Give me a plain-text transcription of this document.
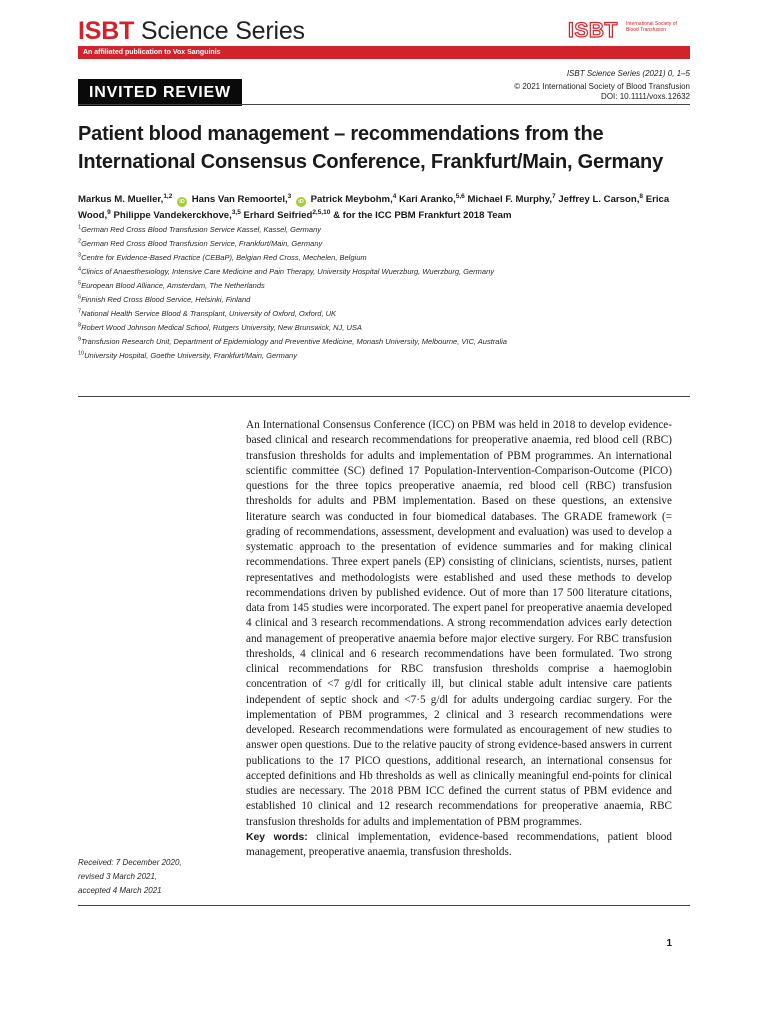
ISBT Science Series	ISBT International Society of Blood Transfusion
An affiliated publication to Vox Sanguinis
INVITED REVIEW
ISBT Science Series (2021) 0, 1–5
© 2021 International Society of Blood Transfusion
DOI: 10.1111/voxs.12632
Patient blood management – recommendations from the International Consensus Conference, Frankfurt/Main, Germany
Markus M. Mueller,$^{1,2}$ iD Hans Van Remoortel,$^3$ iD Patrick Meybohm,$^4$ Kari Aranko,$^{5,6}$ Michael F. Murphy,$^7$ Jeffrey L. Carson,$^8$ Erica Wood,$^9$ Philippe Vandekerckhove,$^{3,5}$ Erhard Seifried$^{2,5,10}$ & for the ICC PBM Frankfurt 2018 Team
$^1$German Red Cross Blood Transfusion Service Kassel, Kassel, Germany
$^2$German Red Cross Blood Transfusion Service, Frankfurt/Main, Germany
$^3$Centre for Evidence-Based Practice (CEBaP), Belgian Red Cross, Mechelen, Belgium
$^4$Clinics of Anaesthesiology, Intensive Care Medicine and Pain Therapy, University Hospital Wuerzburg, Wuerzburg, Germany
$^5$European Blood Alliance, Amsterdam, The Netherlands
$^6$Finnish Red Cross Blood Service, Helsinki, Finland
$^7$National Health Service Blood & Transplant, University of Oxford, Oxford, UK
$^8$Robert Wood Johnson Medical School, Rutgers University, New Brunswick, NJ, USA
$^9$Transfusion Research Unit, Department of Epidemiology and Preventive Medicine, Monash University, Melbourne, VIC, Australia
$^{10}$University Hospital, Goethe University, Frankfurt/Main, Germany

An International Consensus Conference (ICC) on PBM was held in 2018 to develop evidence-based clinical and research recommendations for preoperative anaemia, red blood cell (RBC) transfusion thresholds for adults and implementation of PBM programmes. An international scientific committee (SC) defined 17 Population-Intervention-Comparison-Outcome (PICO) questions for the three topics preoperative anaemia, red blood cell (RBC) transfusion thresholds for adults and PBM implementation. Based on these questions, an extensive literature search was conducted in four biomedical databases. The GRADE framework (= grading of recommendations, assessment, development and evaluation) was used to develop a systematic approach to the presentation of evidence summaries and for making clinical recommendations. Three expert panels (EP) consisting of clinicians, scientists, nurses, patient representatives and methodologists were established and used these methods to develop recommendations driven by published evidence. Out of more than 17 500 literature citations, data from 145 studies were incorporated. The expert panel for preoperative anaemia developed 4 clinical and 3 research recommendations. A strong recommendation advices early detection and management of preoperative anaemia before major elective surgery. For RBC transfusion thresholds, 4 clinical and 6 research recommendations have been formulated. Two strong clinical recommendations for RBC transfusion thresholds comprise a haemoglobin concentration of <7 g/dl for critically ill, but clinical stable adult intensive care patients independent of septic shock and <7·5 g/dl for adults undergoing cardiac surgery. For the implementation of PBM programmes, 2 clinical and 3 research recommendations were developed. Research recommendations were formulated as encouragement of new studies to answer open questions. Due to the relative paucity of strong evidence-based answers in current publications to the 17 PICO questions, additional research, an international consensus for accepted definitions and Hb thresholds as well as clinically meaningful end-points for clinical studies are necessary. The 2018 PBM ICC defined the current status of PBM evidence and established 10 clinical and 12 research recommendations for preoperative anaemia, RBC transfusion thresholds for adults and implementation of PBM programmes.

Key words: clinical implementation, evidence-based recommendations, patient blood management, preoperative anaemia, transfusion thresholds.

Received: 7 December 2020,
revised 3 March 2021,
accepted 4 March 2021
1
